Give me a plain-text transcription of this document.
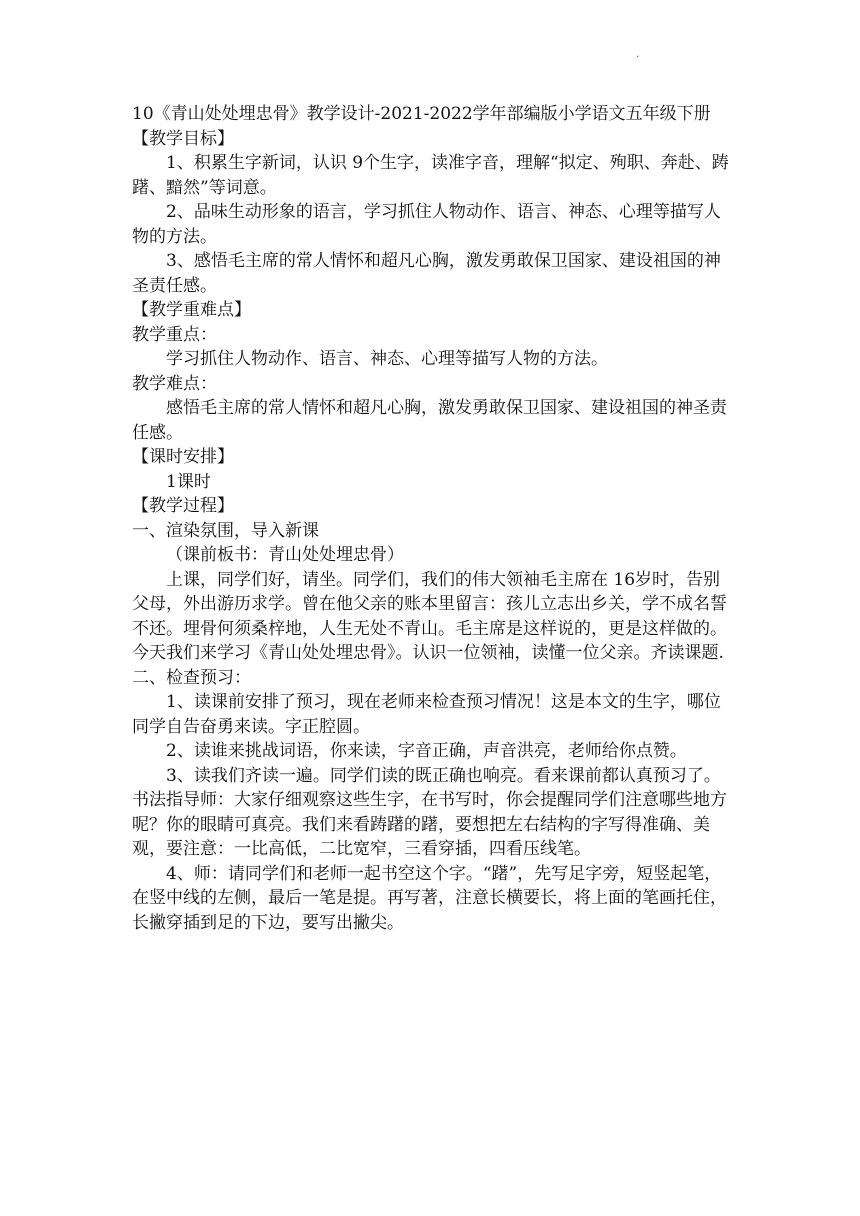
·

10《青山处处埋忠骨》教学设计-2021-2022学年部编版小学语文五年级下册

【教学目标】

1、积累生字新词，认识 9个生字，读准字音，理解“拟定、殉职、奔赴、踌躇、黯然”等词意。

2、品味生动形象的语言，学习抓住人物动作、语言、神态、心理等描写人物的方法。

3、感悟毛主席的常人情怀和超凡心胸，激发勇敢保卫国家、建设祖国的神圣责任感。

【教学重难点】

教学重点：

学习抓住人物动作、语言、神态、心理等描写人物的方法。

教学难点：

感悟毛主席的常人情怀和超凡心胸，激发勇敢保卫国家、建设祖国的神圣责任感。

【课时安排】

1课时

【教学过程】

一、渲染氛围，导入新课

（课前板书：青山处处埋忠骨）

上课，同学们好，请坐。同学们，我们的伟大领袖毛主席在 16岁时，告别父母，外出游历求学。曾在他父亲的账本里留言：孩儿立志出乡关，学不成名誓不还。埋骨何须桑梓地，人生无处不青山。毛主席是这样说的，更是这样做的。今天我们来学习《青山处处埋忠骨》。认识一位领袖，读懂一位父亲。齐读课题.

二、检查预习：

1、读课前安排了预习，现在老师来检查预习情况！这是本文的生字，哪位同学自告奋勇来读。字正腔圆。

2、读谁来挑战词语，你来读，字音正确，声音洪亮，老师给你点赞。

3、读我们齐读一遍。同学们读的既正确也响亮。看来课前都认真预习了。书法指导师：大家仔细观察这些生字，在书写时，你会提醒同学们注意哪些地方呢？你的眼睛可真亮。我们来看踌躇的躇，要想把左右结构的字写得准确、美观，要注意：一比高低，二比宽窄，三看穿插，四看压线笔。

4、师：请同学们和老师一起书空这个字。“躇”，先写足字旁，短竖起笔，在竖中线的左侧，最后一笔是提。再写著，注意长横要长，将上面的笔画托住，长撇穿插到足的下边，要写出撇尖。
